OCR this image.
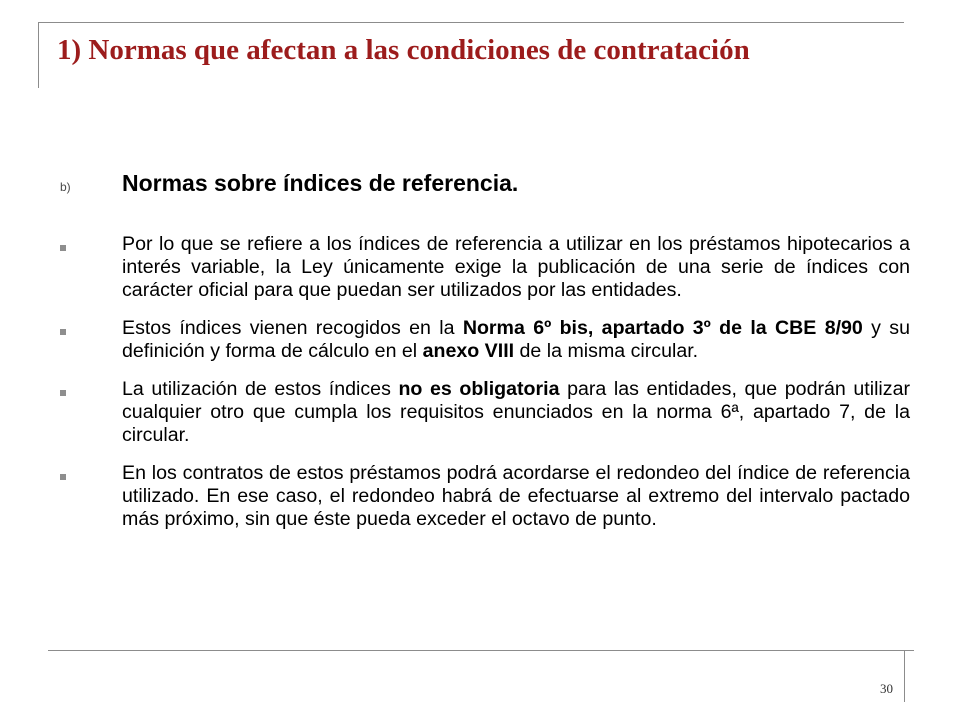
1) Normas que afectan a las condiciones de contratación
b) Normas sobre índices de referencia.
Por lo que se refiere a los índices de referencia a utilizar en los préstamos hipotecarios a interés variable, la Ley únicamente exige la publicación de una serie de índices con carácter oficial para que puedan ser utilizados por las entidades.
Estos índices vienen recogidos en la Norma 6º bis, apartado 3º de la CBE 8/90 y su definición y forma de cálculo en el anexo VIII de la misma circular.
La utilización de estos índices no es obligatoria para las entidades, que podrán utilizar cualquier otro que cumpla los requisitos enunciados en la norma 6ª, apartado 7, de la circular.
En los contratos de estos préstamos podrá acordarse el redondeo del índice de referencia utilizado. En ese caso, el redondeo habrá de efectuarse al extremo del intervalo pactado más próximo, sin que éste pueda exceder el octavo de punto.
30
